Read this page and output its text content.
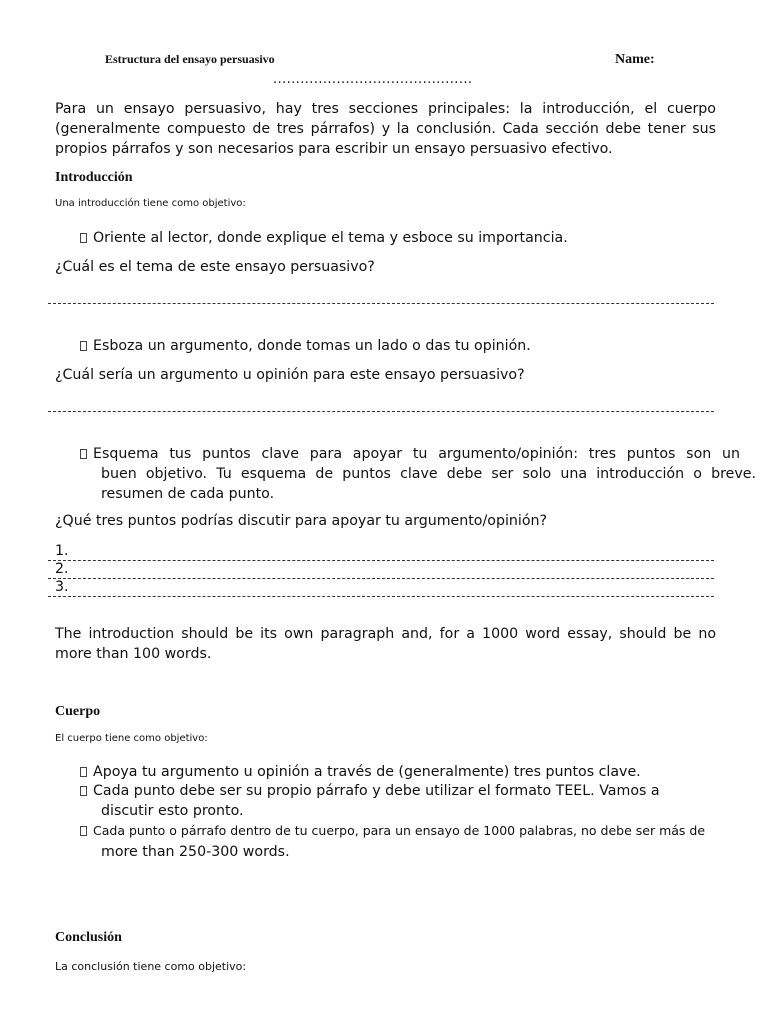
Estructura del ensayo persuasivo	Name:
............................................
Para un ensayo persuasivo, hay tres secciones principales: la introducción, el cuerpo (generalmente compuesto de tres párrafos) y la conclusión. Cada sección debe tener sus propios párrafos y son necesarios para escribir un ensayo persuasivo efectivo.
Introducción
Una introducción tiene como objetivo:
Oriente al lector, donde explique el tema y esboce su importancia.
¿Cuál es el tema de este ensayo persuasivo?
Esboza un argumento, donde tomas un lado o das tu opinión.
¿Cuál sería un argumento u opinión para este ensayo persuasivo?
Esquema tus puntos clave para apoyar tu argumento/opinión: tres puntos son un
buen objetivo. Tu esquema de puntos clave debe ser solo una introducción o breve.
resumen de cada punto.
¿Qué tres puntos podrías discutir para apoyar tu argumento/opinión?
1.
2.
3.
The introduction should be its own paragraph and, for a 1000 word essay, should be no more than 100 words.
Cuerpo
El cuerpo tiene como objetivo:
Apoya tu argumento u opinión a través de (generalmente) tres puntos clave.
Cada punto debe ser su propio párrafo y debe utilizar el formato TEEL. Vamos a
discutir esto pronto.
Cada punto o párrafo dentro de tu cuerpo, para un ensayo de 1000 palabras, no debe ser más de
more than 250-300 words.
Conclusión
La conclusión tiene como objetivo:
